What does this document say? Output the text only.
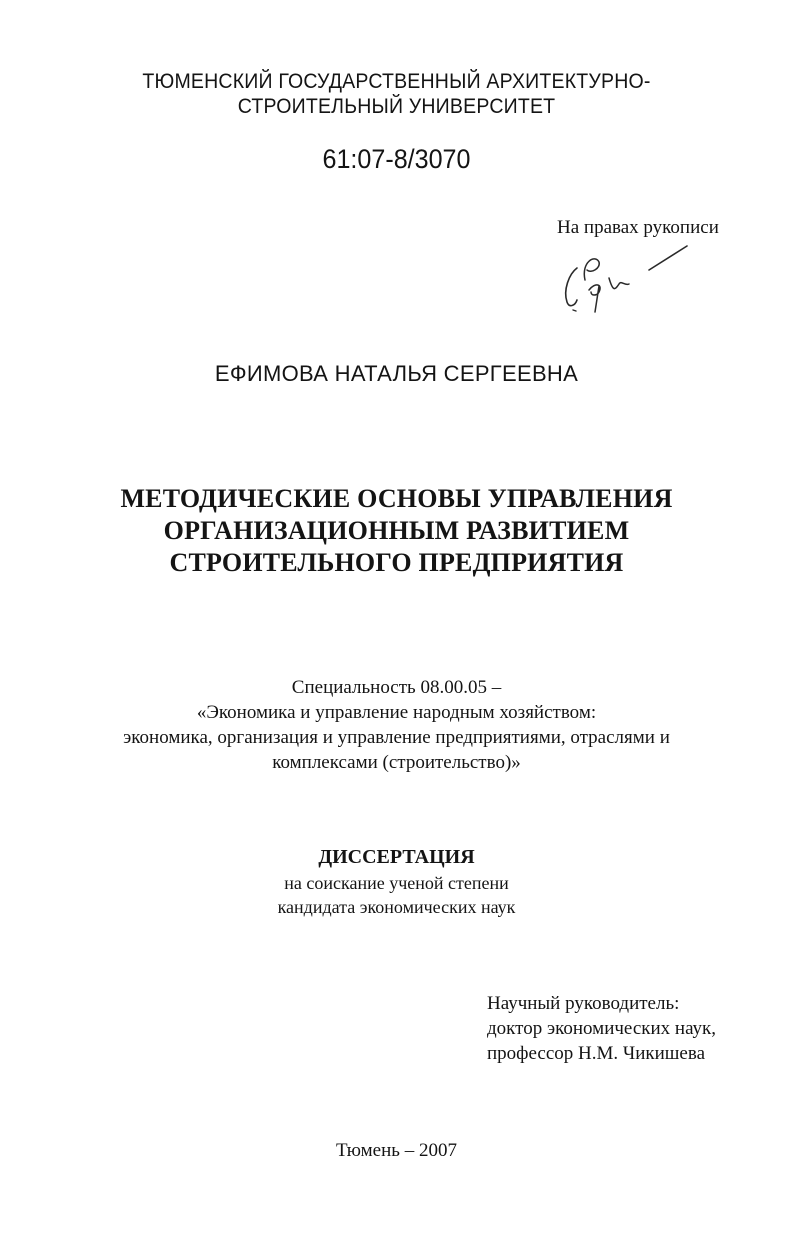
ТЮМЕНСКИЙ ГОСУДАРСТВЕННЫЙ АРХИТЕКТУРНО-
СТРОИТЕЛЬНЫЙ УНИВЕРСИТЕТ
61:07-8/3070
На правах рукописи
ЕФИМОВА НАТАЛЬЯ СЕРГЕЕВНА
МЕТОДИЧЕСКИЕ ОСНОВЫ УПРАВЛЕНИЯ
ОРГАНИЗАЦИОННЫМ РАЗВИТИЕМ
СТРОИТЕЛЬНОГО ПРЕДПРИЯТИЯ
Специальность 08.00.05 –
«Экономика и управление народным хозяйством:
экономика, организация и управление предприятиями, отраслями и
комплексами (строительство)»
ДИССЕРТАЦИЯ
на соискание ученой степени
кандидата экономических наук
Научный руководитель:
доктор экономических наук,
профессор Н.М. Чикишева
Тюмень – 2007
